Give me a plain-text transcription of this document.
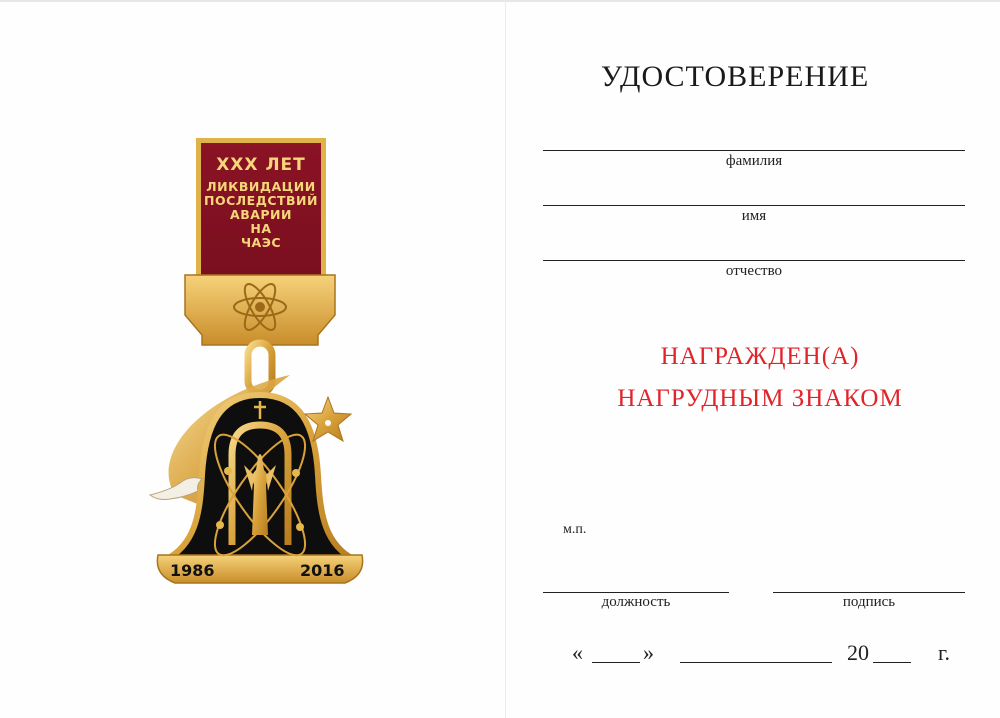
ХХХ ЛЕТ
ЛИКВИДАЦИИ
ПОСЛЕДСТВИЙ
АВАРИИ
НА
ЧАЭС
1986	2016
УДОСТОВЕРЕНИЕ
фамилия
имя
отчество
НАГРАЖДЕН(А)
НАГРУДНЫМ ЗНАКОМ
м.п.
должность	подпись
«	»	20	г.
